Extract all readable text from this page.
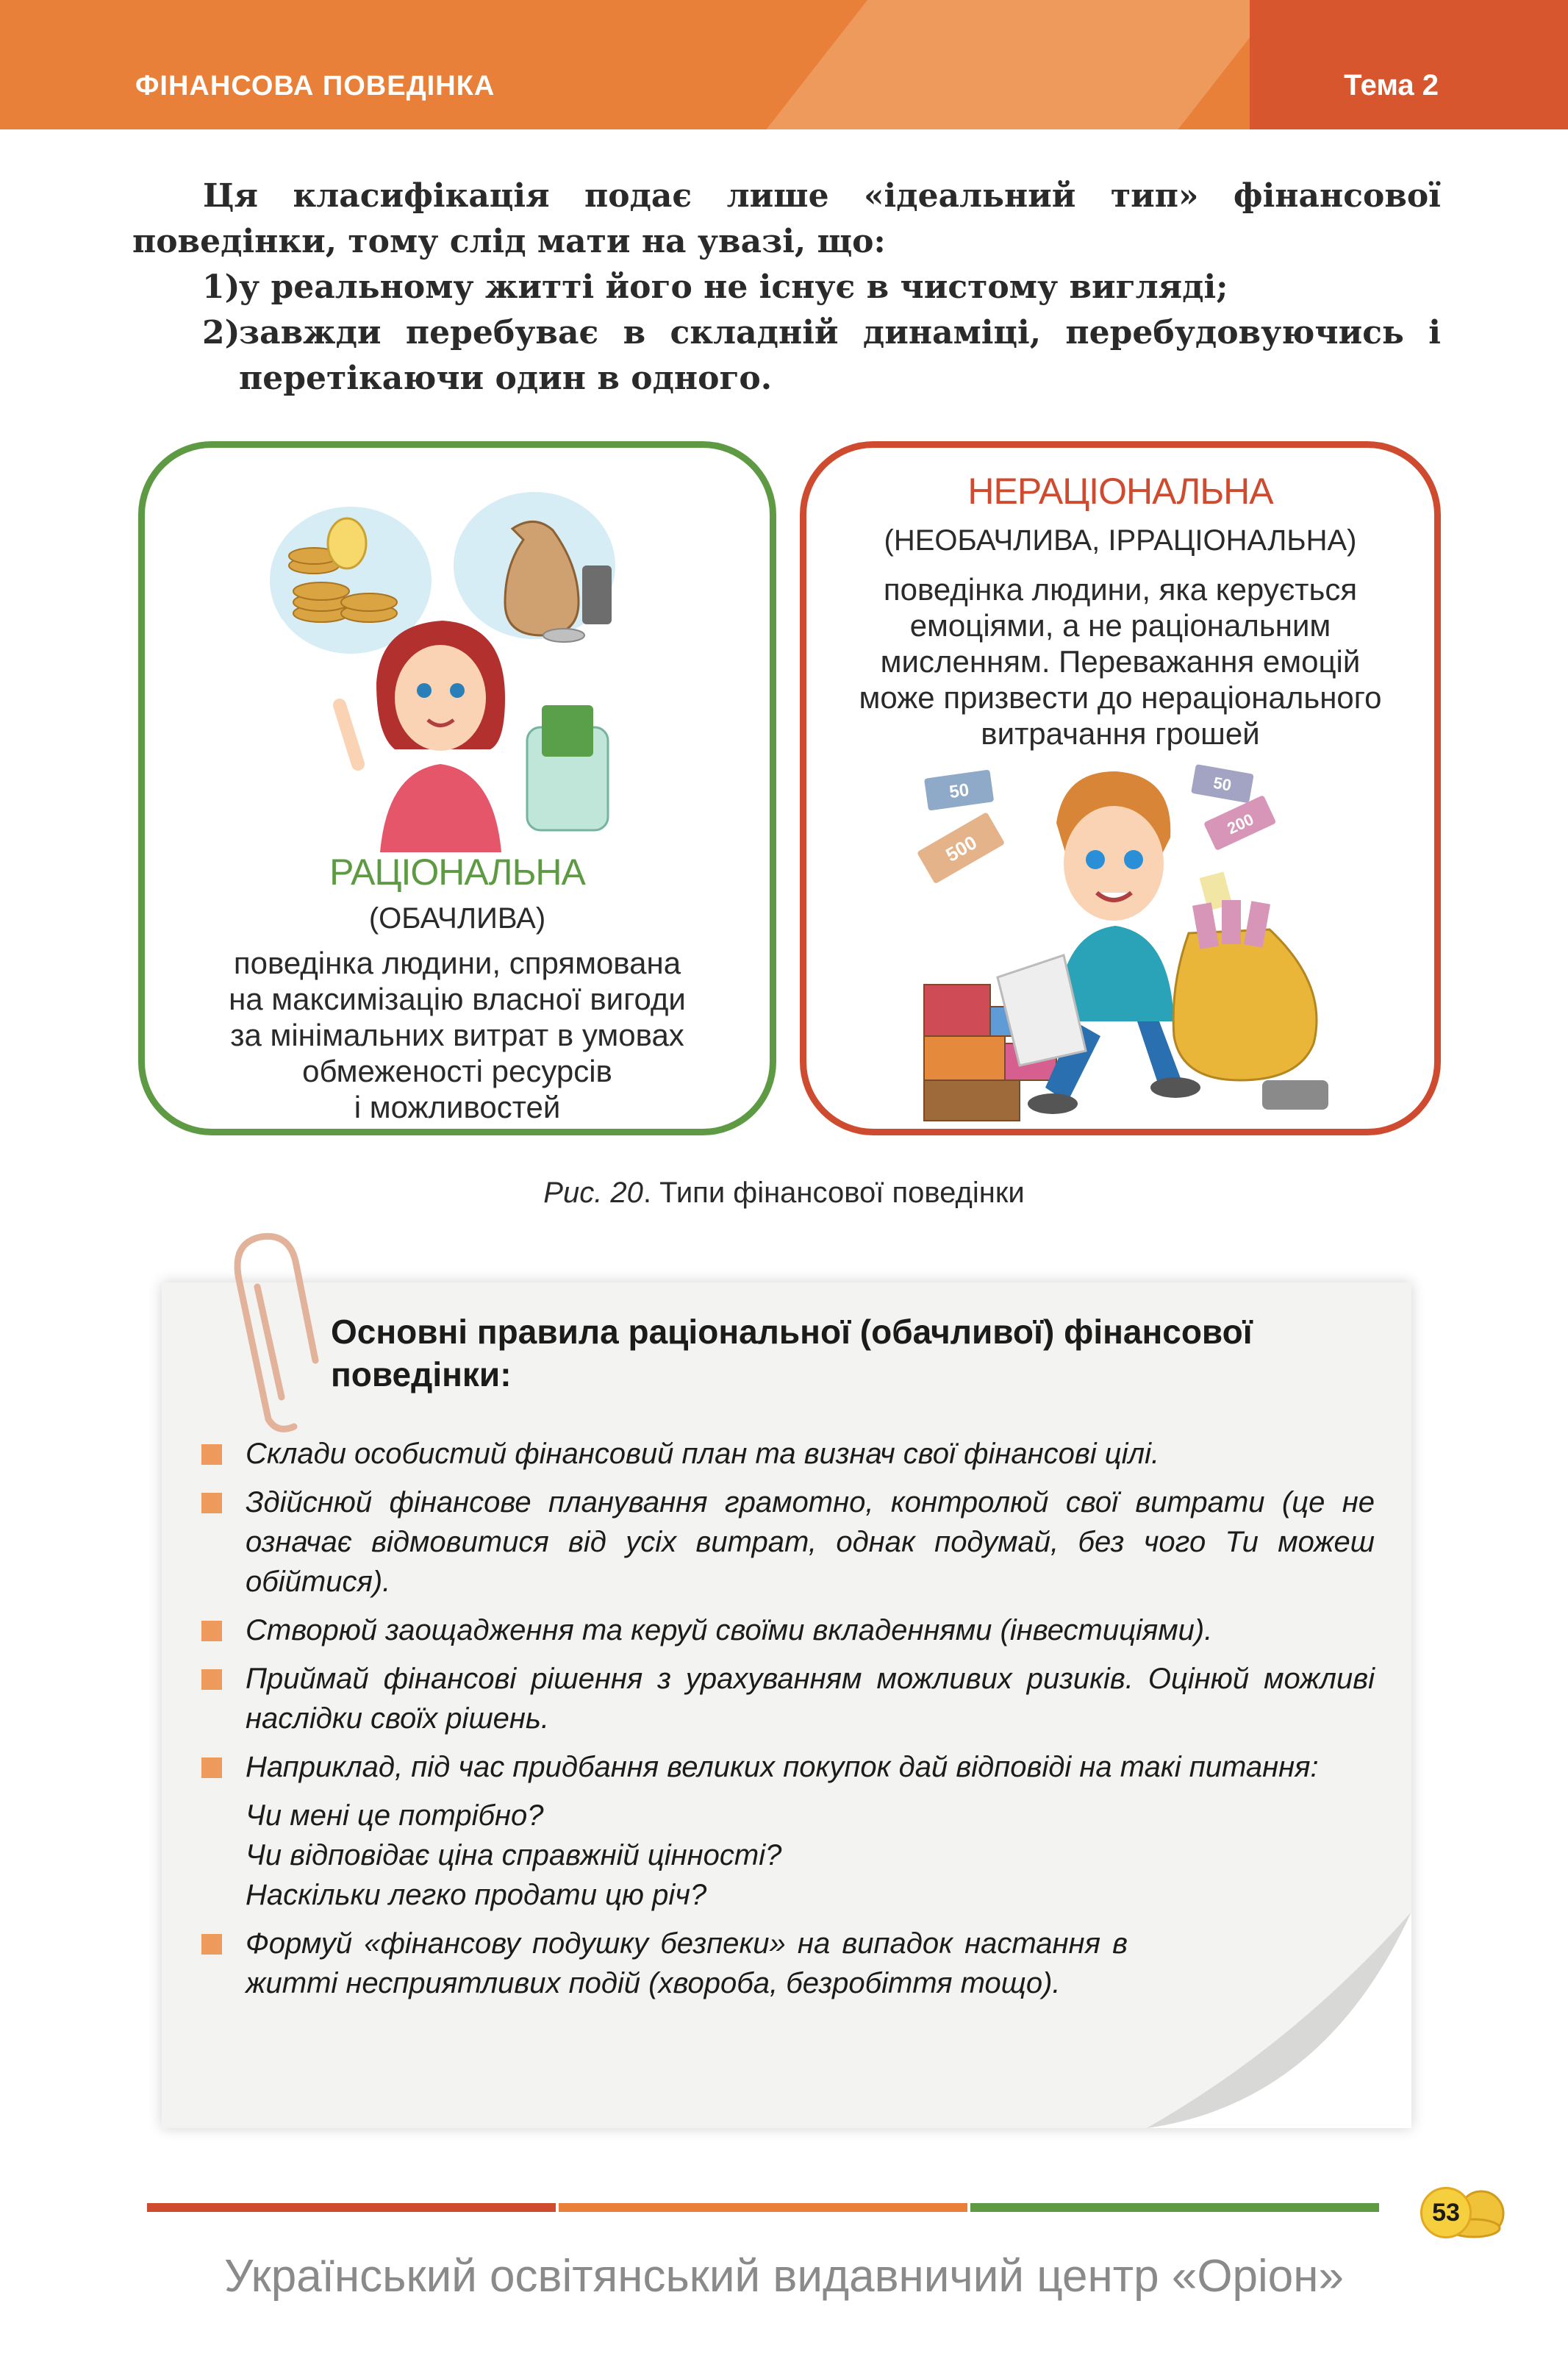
ФІНАНСОВА ПОВЕДІНКА	Тема 2

Ця класифікація подає лише «ідеальний тип» фінансової поведінки, тому слід мати на увазі, що:

1)у реальному житті його не існує в чистому вигляді;
2)завжди перебуває в складній динаміці, перебудовуючись і перетікаючи один в одного.
РАЦІОНАЛЬНА
(ОБАЧЛИВА)
поведінка людини, спрямована
на максимізацію власної вигоди
за мінімальних витрат в умовах
обмеженості ресурсів
і можливостей
НЕРАЦІОНАЛЬНА
(НЕОБАЧЛИВА, ІРРАЦІОНАЛЬНА)
поведінка людини, яка керується
емоціями, а не раціональним
мисленням. Переважання емоцій
може призвести до нераціонального
витрачання грошей
50
500
50
200
Рис. 20. Типи фінансової поведінки
Основні правила раціональної (обачливої) фінансової поведінки:
Склади особистий фінансовий план та визнач свої фінансові цілі.
Здійснюй фінансове планування грамотно, контролюй свої витрати (це не означає відмовитися від усіх витрат, однак подумай, без чого Ти можеш обійтися).
Створюй заощадження та керуй своїми вкладеннями (інвестиціями).
Приймай фінансові рішення з урахуванням можливих ризиків. Оцінюй можливі наслідки своїх рішень.
Наприклад, під час придбання великих покупок дай відповіді на такі питання:
Чи мені це потрібно?
Чи відповідає ціна справжній цінності?
Наскільки легко продати цю річ?
Формуй «фінансову подушку безпеки» на випадок настання в житті несприятливих подій (хвороба, безробіття тощо).
53
Український освітянський видавничий центр «Оріон»
